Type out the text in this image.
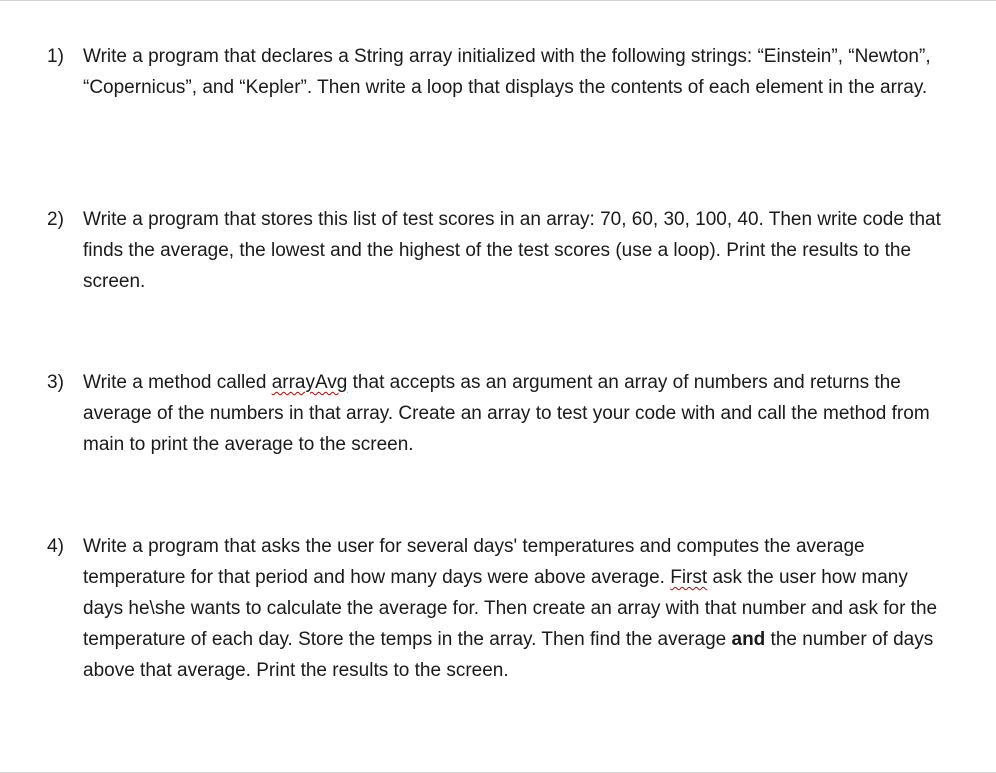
1)	Write a program that declares a String array initialized with the following strings: “Einstein”, “Newton”, “Copernicus”, and “Kepler”. Then write a loop that displays the contents of each element in the array.
2)	Write a program that stores this list of test scores in an array: 70, 60, 30, 100, 40. Then write code that finds the average, the lowest and the highest of the test scores (use a loop). Print the results to the screen.
3)	Write a method called arrayAvg that accepts as an argument an array of numbers and returns the average of the numbers in that array. Create an array to test your code with and call the method from main to print the average to the screen.
4)	Write a program that asks the user for several days' temperatures and computes the average temperature for that period and how many days were above average. First ask the user how many days he\she wants to calculate the average for. Then create an array with that number and ask for the temperature of each day. Store the temps in the array. Then find the average and the number of days above that average. Print the results to the screen.
